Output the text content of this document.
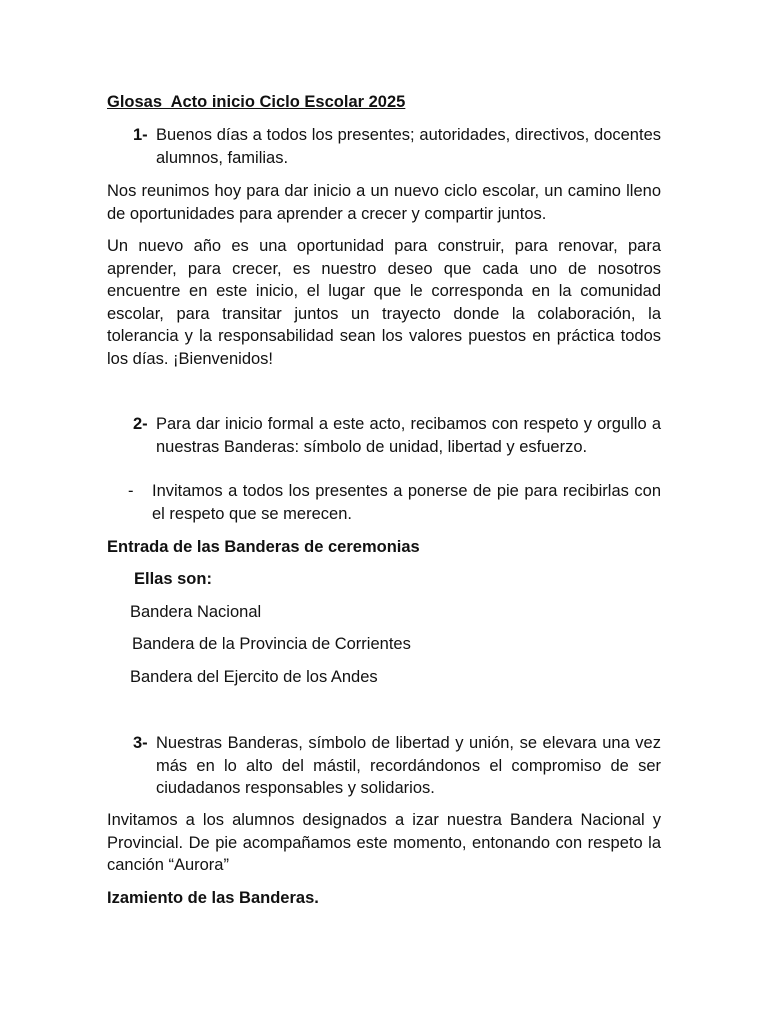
Glosas  Acto inicio Ciclo Escolar 2025
1- Buenos días a todos los presentes; autoridades, directivos, docentes alumnos, familias.
Nos reunimos hoy para dar inicio a un nuevo ciclo escolar, un camino lleno de oportunidades para aprender a crecer y compartir juntos.
Un nuevo año es una oportunidad para construir, para renovar, para aprender, para crecer, es nuestro deseo que cada uno de nosotros encuentre en este inicio, el lugar que le corresponda en la comunidad escolar, para transitar juntos un trayecto donde la colaboración, la tolerancia y la responsabilidad sean los valores puestos en práctica todos los días. ¡Bienvenidos!
2- Para dar inicio formal a este acto, recibamos con respeto y orgullo a nuestras Banderas: símbolo de unidad, libertad y esfuerzo.
- Invitamos a todos los presentes a ponerse de pie para recibirlas con el respeto que se merecen.
Entrada de las Banderas de ceremonias
Ellas son:
Bandera Nacional
Bandera de la Provincia de Corrientes
Bandera del Ejercito de los Andes
3- Nuestras Banderas, símbolo de libertad y unión, se elevara una vez más en lo alto del mástil, recordándonos el compromiso de ser ciudadanos responsables y solidarios.
Invitamos a los alumnos designados a izar nuestra Bandera Nacional y Provincial. De pie acompañamos este momento, entonando con respeto la canción “Aurora”
Izamiento de las Banderas.
